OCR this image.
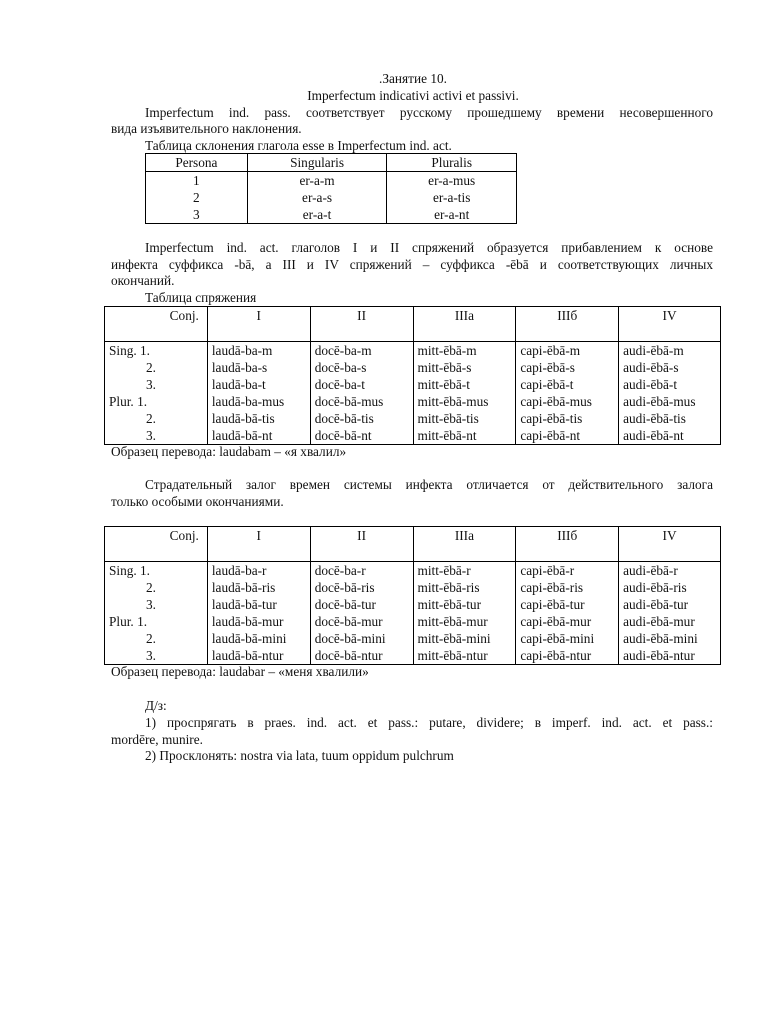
.Занятие 10.
Imperfectum indicativi activi et passivi.
Imperfectum ind. pass. соответствует русскому прошедшему времени несовершенного
вида изъявительного наклонения.
Таблица склонения глагола esse в Imperfectum ind. act.
Persona	Singularis	Pluralis
1	er-a-m	er-a-mus
2	er-a-s	er-a-tis
3	er-a-t	er-a-nt
Imperfectum ind. act. глаголов I и II спряжений образуется прибавлением к основе
инфекта суффикса -bā, а III и IV спряжений – суффикса -ēbā и соответствующих личных
окончаний.
Таблица спряжения
Conj.	I	II	IIIa	IIIб	IV
Sing. 1.	laudā-ba-m	docē-ba-m	mitt-ēbā-m	capi-ēbā-m	audi-ēbā-m
2.	laudā-ba-s	docē-ba-s	mitt-ēbā-s	capi-ēbā-s	audi-ēbā-s
3.	laudā-ba-t	docē-ba-t	mitt-ēbā-t	capi-ēbā-t	audi-ēbā-t
Plur. 1.	laudā-ba-mus	docē-bā-mus	mitt-ēbā-mus	capi-ēbā-mus	audi-ēbā-mus
2.	laudā-bā-tis	docē-bā-tis	mitt-ēbā-tis	capi-ēbā-tis	audi-ēbā-tis
3.	laudā-bā-nt	docē-bā-nt	mitt-ēbā-nt	capi-ēbā-nt	audi-ēbā-nt
Образец перевода: laudabam – «я хвалил»
Страдательный залог времен системы инфекта отличается от действительного залога
только особыми окончаниями.
Conj.	I	II	IIIa	IIIб	IV
Sing. 1.	laudā-ba-r	docē-ba-r	mitt-ēbā-r	capi-ēbā-r	audi-ēbā-r
2.	laudā-bā-ris	docē-bā-ris	mitt-ēbā-ris	capi-ēbā-ris	audi-ēbā-ris
3.	laudā-bā-tur	docē-bā-tur	mitt-ēbā-tur	capi-ēbā-tur	audi-ēbā-tur
Plur. 1.	laudā-bā-mur	docē-bā-mur	mitt-ēbā-mur	capi-ēbā-mur	audi-ēbā-mur
2.	laudā-bā-mini	docē-bā-mini	mitt-ēbā-mini	capi-ēbā-mini	audi-ēbā-mini
3.	laudā-bā-ntur	docē-bā-ntur	mitt-ēbā-ntur	capi-ēbā-ntur	audi-ēbā-ntur
Образец перевода: laudabar – «меня хвалили»
Д/з:
1) проспрягать в praes. ind. act. et pass.: putare, dividere; в imperf. ind. act. et pass.:
mordēre, munire.
2) Просклонять: nostra via lata, tuum oppidum pulchrum
